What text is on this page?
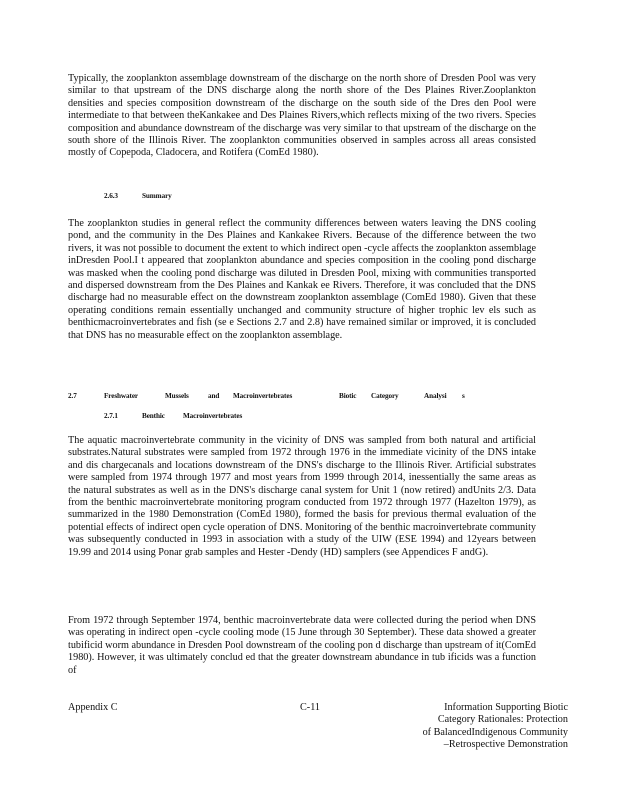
Typically, the zooplankton assemblage downstream of the discharge on the north shore of Dresden Pool was very similar to that upstream of the DNS discharge along the north shore of the Des Plaines River.Zooplankton densities and species composition downstream of the discharge on the south side of the Dres den Pool were intermediate to that between theKankakee and Des Plaines Rivers,which reflects mixing of the two rivers. Species composition and abundance downstream of the discharge was very similar to that upstream of the discharge on the south shore of the Illinois River. The zooplankton communities observed in samples across all areas consisted mostly of Copepoda, Cladocera, and Rotifera (ComEd 1980).

2.6.3	Summary

The zooplankton studies in general reflect the community differences between waters leaving the DNS cooling pond, and the community in the Des Plaines and Kankakee Rivers. Because of the difference between the two rivers, it was not possible to document the extent to which indirect open -cycle affects the zooplankton assemblage inDresden Pool.I t appeared that zooplankton abundance and species composition in the cooling pond discharge was masked when the cooling pond discharge was diluted in Dresden Pool, mixing with communities transported and dispersed downstream from the Des Plaines and Kankak ee Rivers. Therefore, it was concluded that the DNS discharge had no measurable effect on the downstream zooplankton assemblage (ComEd 1980). Given that these operating conditions remain essentially unchanged and community structure of higher trophic lev els such as benthicmacroinvertebrates and fish (se e Sections 2.7 and 2.8) have remained similar or improved, it is concluded that DNS has no measurable effect on the zooplankton assemblage.

2.7	Freshwater	Mussels	and Macroinvertebrates	Biotic Category	Analysi s
2.7.1	Benthic	Macroinvertebrates

The aquatic macroinvertebrate community in the vicinity of DNS was sampled from both natural and artificial substrates.Natural substrates were sampled from 1972 through 1976 in the immediate vicinity of the DNS intake and dis chargecanals and locations downstream of the DNS's discharge to the Illinois River. Artificial substrates were sampled from 1974 through 1977 and most years from 1999 through 2014, inessentially the same areas as the natural substrates as well as in the DNS's discharge canal system for Unit 1 (now retired) andUnits 2/3. Data from the benthic macroinvertebrate monitoring program conducted from 1972 through 1977 (Hazelton 1979), as summarized in the 1980 Demonstration (ComEd 1980), formed the basis for previous thermal evaluation of the potential effects of indirect open cycle operation of DNS. Monitoring of the benthic macroinvertebrate community was subsequently conducted in 1993 in association with a study of the UIW (ESE 1994) and 12years between 19.99 and 2014 using Ponar grab samples and Hester -Dendy (HD) samplers (see Appendices F andG).

From 1972 through September 1974, benthic macroinvertebrate data were collected during the period when DNS was operating in indirect open -cycle cooling mode (15 June through 30 September). These data showed a greater tubificid worm abundance in Dresden Pool downstream of the cooling pon d discharge than upstream of it(ComEd 1980). However, it was ultimately conclud ed that the greater downstream abundance in tub ificids was a function of

Appendix C	C-11	Information Supporting Biotic
Category Rationales: Protection
of BalancedIndigenous Community
–Retrospective Demonstration
